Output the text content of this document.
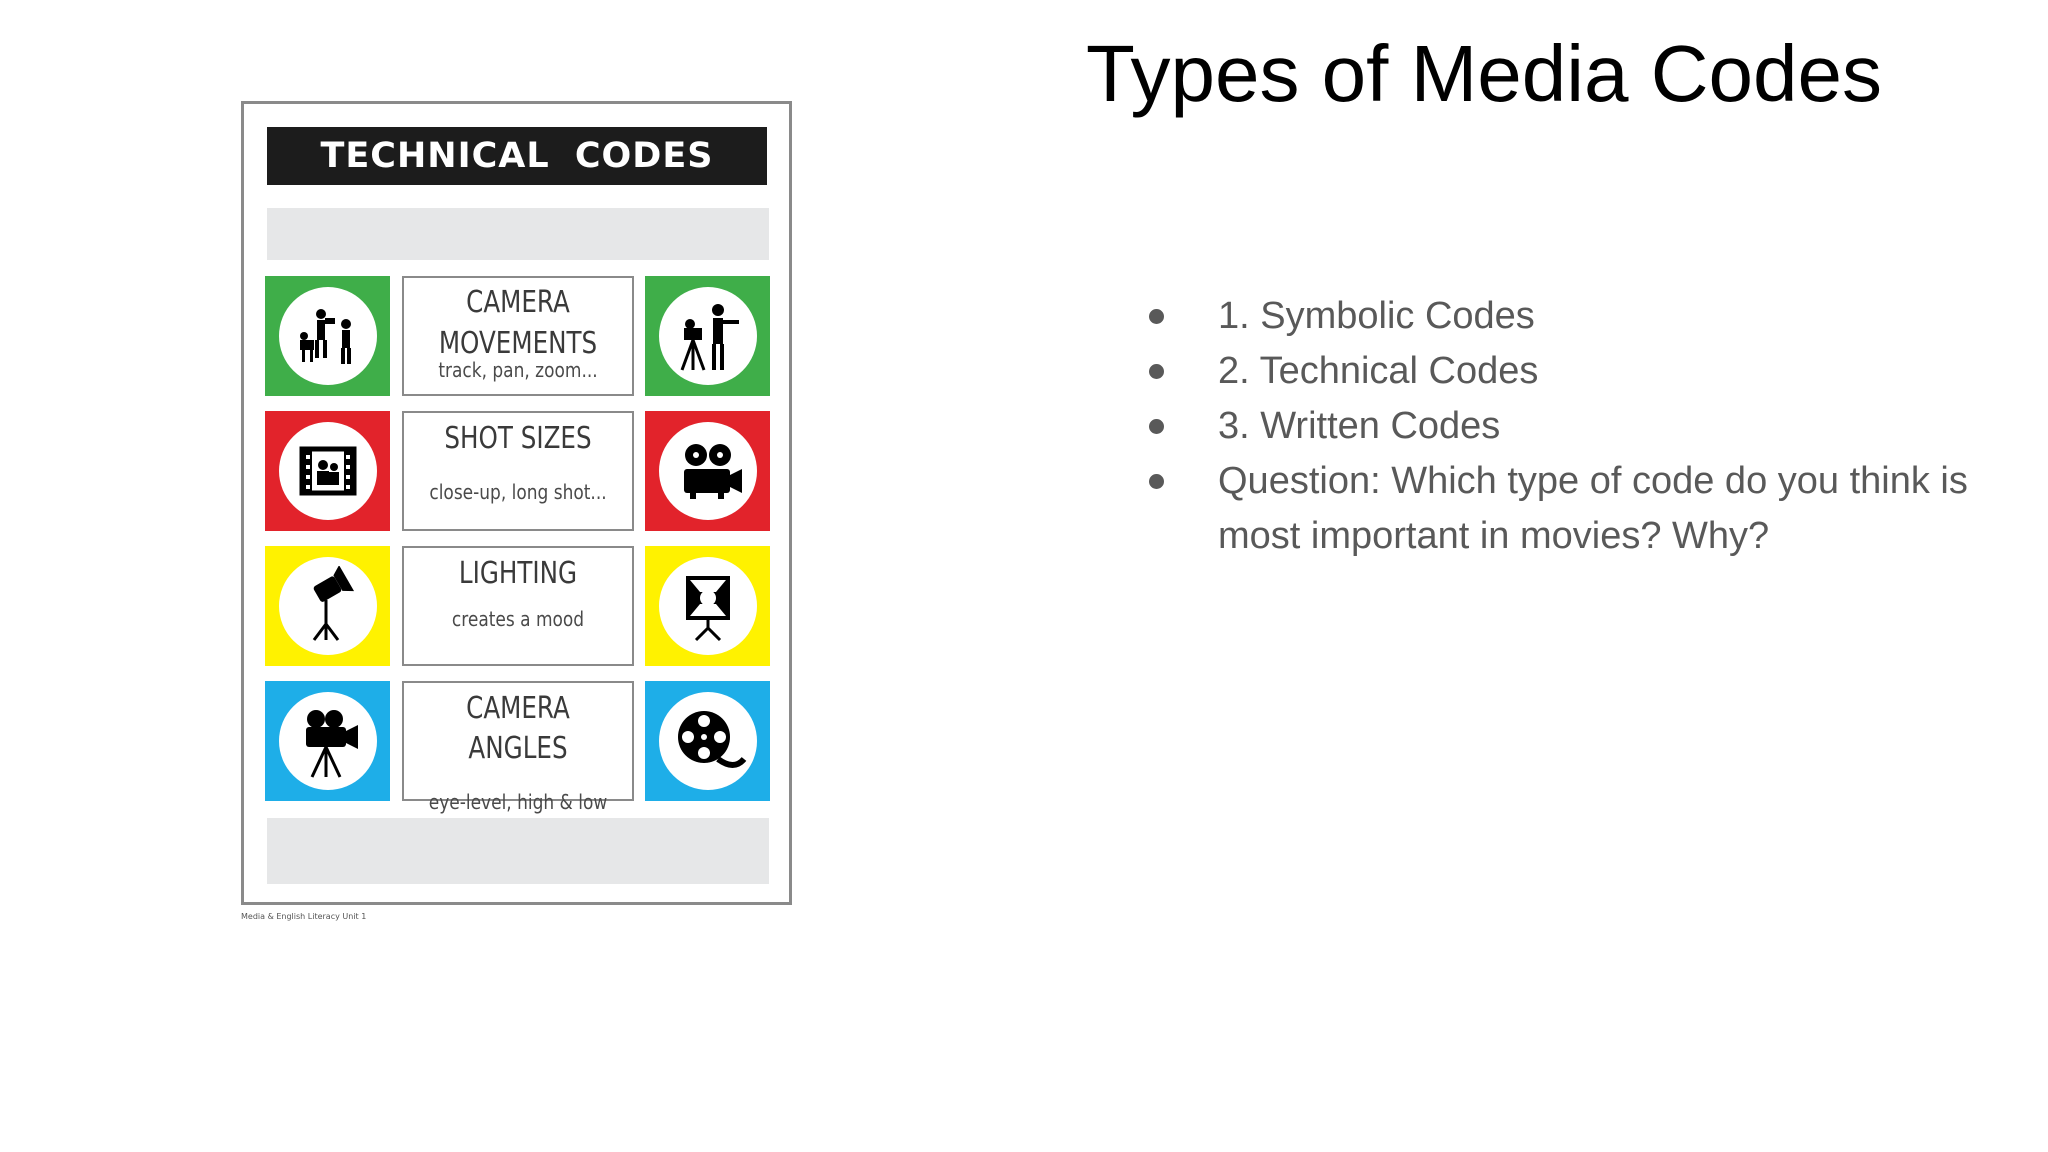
Types of Media Codes
1. Symbolic Codes
2. Technical Codes
3. Written Codes
Question: Which type of code do you think is most important in movies? Why?
TECHNICAL CODES
CAMERA MOVEMENTS
track, pan, zoom...
SHOT SIZES
close-up, long shot...
LIGHTING
creates a mood
CAMERA ANGLES
eye-level, high & low
Media & English Literacy Unit 1
